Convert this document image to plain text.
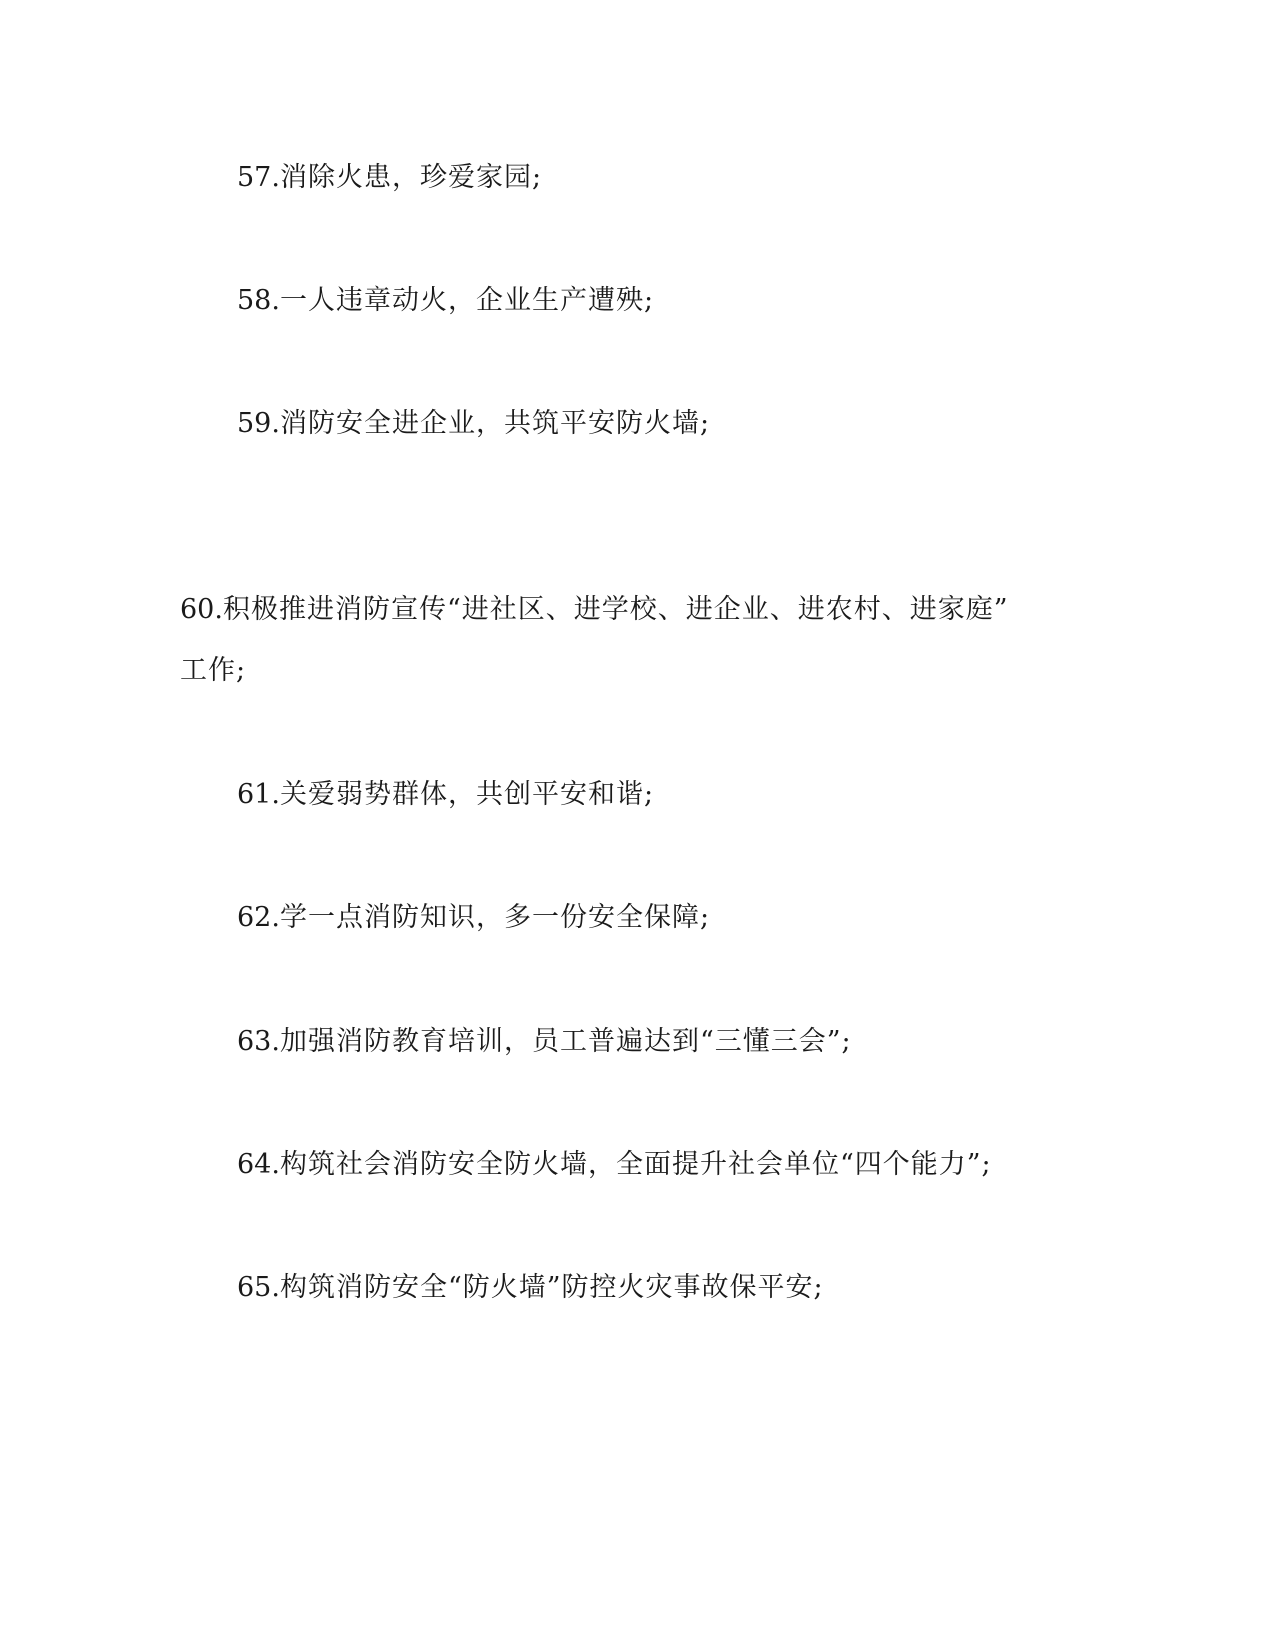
57.消除火患，珍爱家园;
58.一人违章动火，企业生产遭殃;
59.消防安全进企业，共筑平安防火墙;
60.积极推进消防宣传“进社区、进学校、进企业、进农村、进家庭”
工作;
61.关爱弱势群体，共创平安和谐;
62.学一点消防知识，多一份安全保障;
63.加强消防教育培训，员工普遍达到“三懂三会”;
64.构筑社会消防安全防火墙，全面提升社会单位“四个能力”;
65.构筑消防安全“防火墙”防控火灾事故保平安;
